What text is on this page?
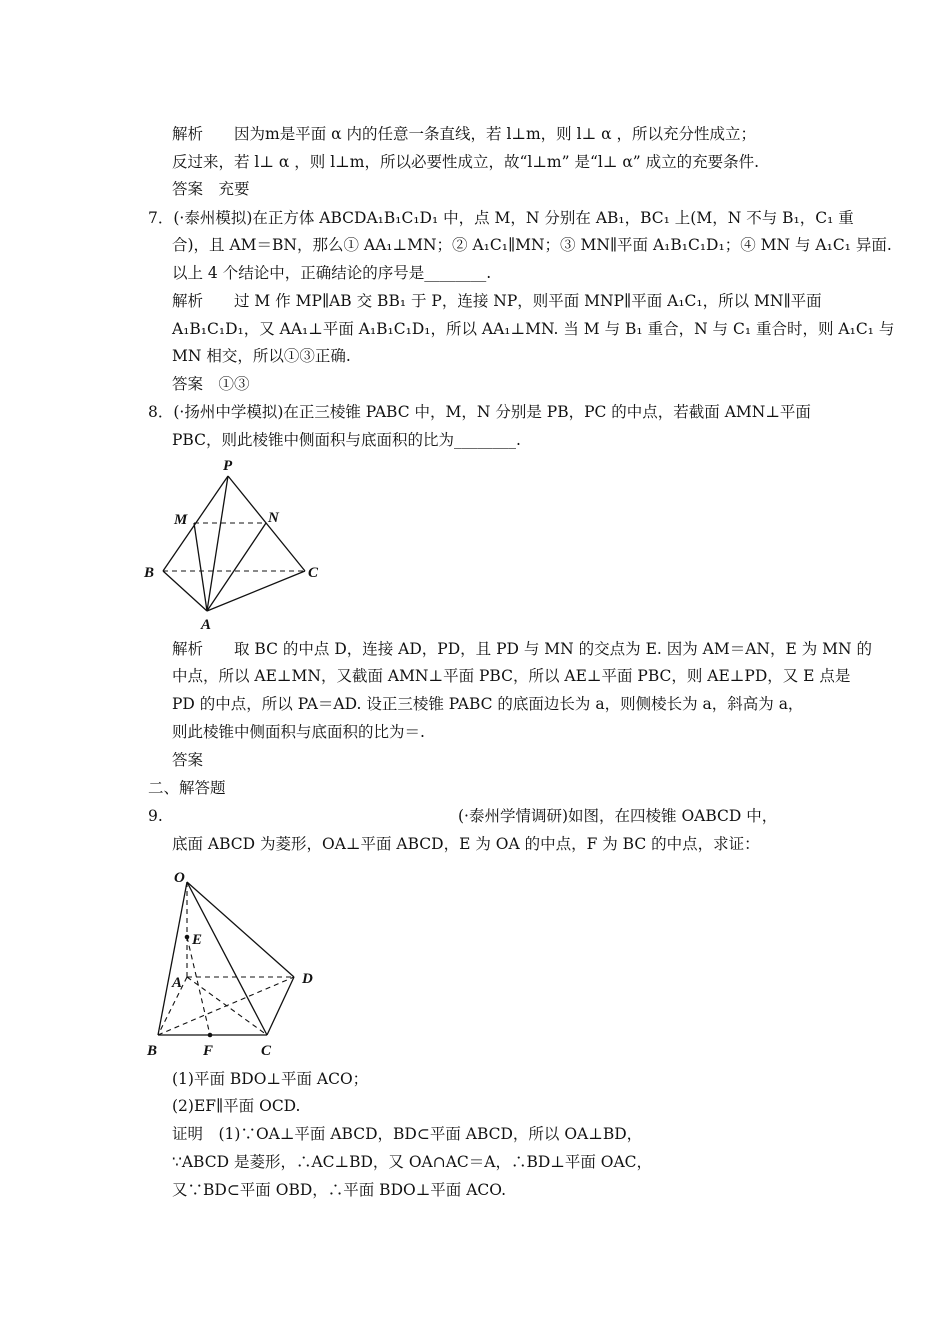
解析　　因为m是平面 α 内的任意一条直线，若 l⊥m，则 l⊥ α ，所以充分性成立；
反过来，若 l⊥ α ，则 l⊥m，所以必要性成立，故“l⊥m” 是“l⊥ α” 成立的充要条件.
答案　充要
7．(·泰州模拟)在正方体 ABCDA₁B₁C₁D₁ 中，点 M，N 分别在 AB₁，BC₁ 上(M，N 不与 B₁，C₁ 重
合)，且 AM＝BN，那么① AA₁⊥MN；② A₁C₁∥MN；③ MN∥平面 A₁B₁C₁D₁；④ MN 与 A₁C₁ 异面.
以上 4 个结论中，正确结论的序号是________.
解析　　过 M 作 MP∥AB 交 BB₁ 于 P，连接 NP，则平面 MNP∥平面 A₁C₁，所以 MN∥平面
A₁B₁C₁D₁，又 AA₁⊥平面 A₁B₁C₁D₁，所以 AA₁⊥MN. 当 M 与 B₁ 重合，N 与 C₁ 重合时，则 A₁C₁ 与
MN 相交，所以①③正确.
答案　①③
8．(·扬州中学模拟)在正三棱锥 PABC 中，M，N 分别是 PB，PC 的中点，若截面 AMN⊥平面
PBC，则此棱锥中侧面积与底面积的比为________.
P
M	N
B	C
A
解析　　取 BC 的中点 D，连接 AD，PD，且 PD 与 MN 的交点为 E. 因为 AM＝AN，E 为 MN 的
中点，所以 AE⊥MN，又截面 AMN⊥平面 PBC，所以 AE⊥平面 PBC，则 AE⊥PD，又 E 点是
PD 的中点，所以 PA＝AD. 设正三棱锥 PABC 的底面边长为 a，则侧棱长为 a，斜高为 a，
则此棱锥中侧面积与底面积的比为＝.
答案
二、解答题
9.	(·泰州学情调研)如图，在四棱锥 OABCD 中，
底面 ABCD 为菱形，OA⊥平面 ABCD，E 为 OA 的中点，F 为 BC 的中点，求证：
O
E
A	D
B	F	C
(1)平面 BDO⊥平面 ACO；
(2)EF∥平面 OCD.
证明　(1)∵OA⊥平面 ABCD，BD⊂平面 ABCD，所以 OA⊥BD，
∵ABCD 是菱形，∴AC⊥BD，又 OA∩AC＝A，∴BD⊥平面 OAC，
又∵BD⊂平面 OBD，∴平面 BDO⊥平面 ACO.
